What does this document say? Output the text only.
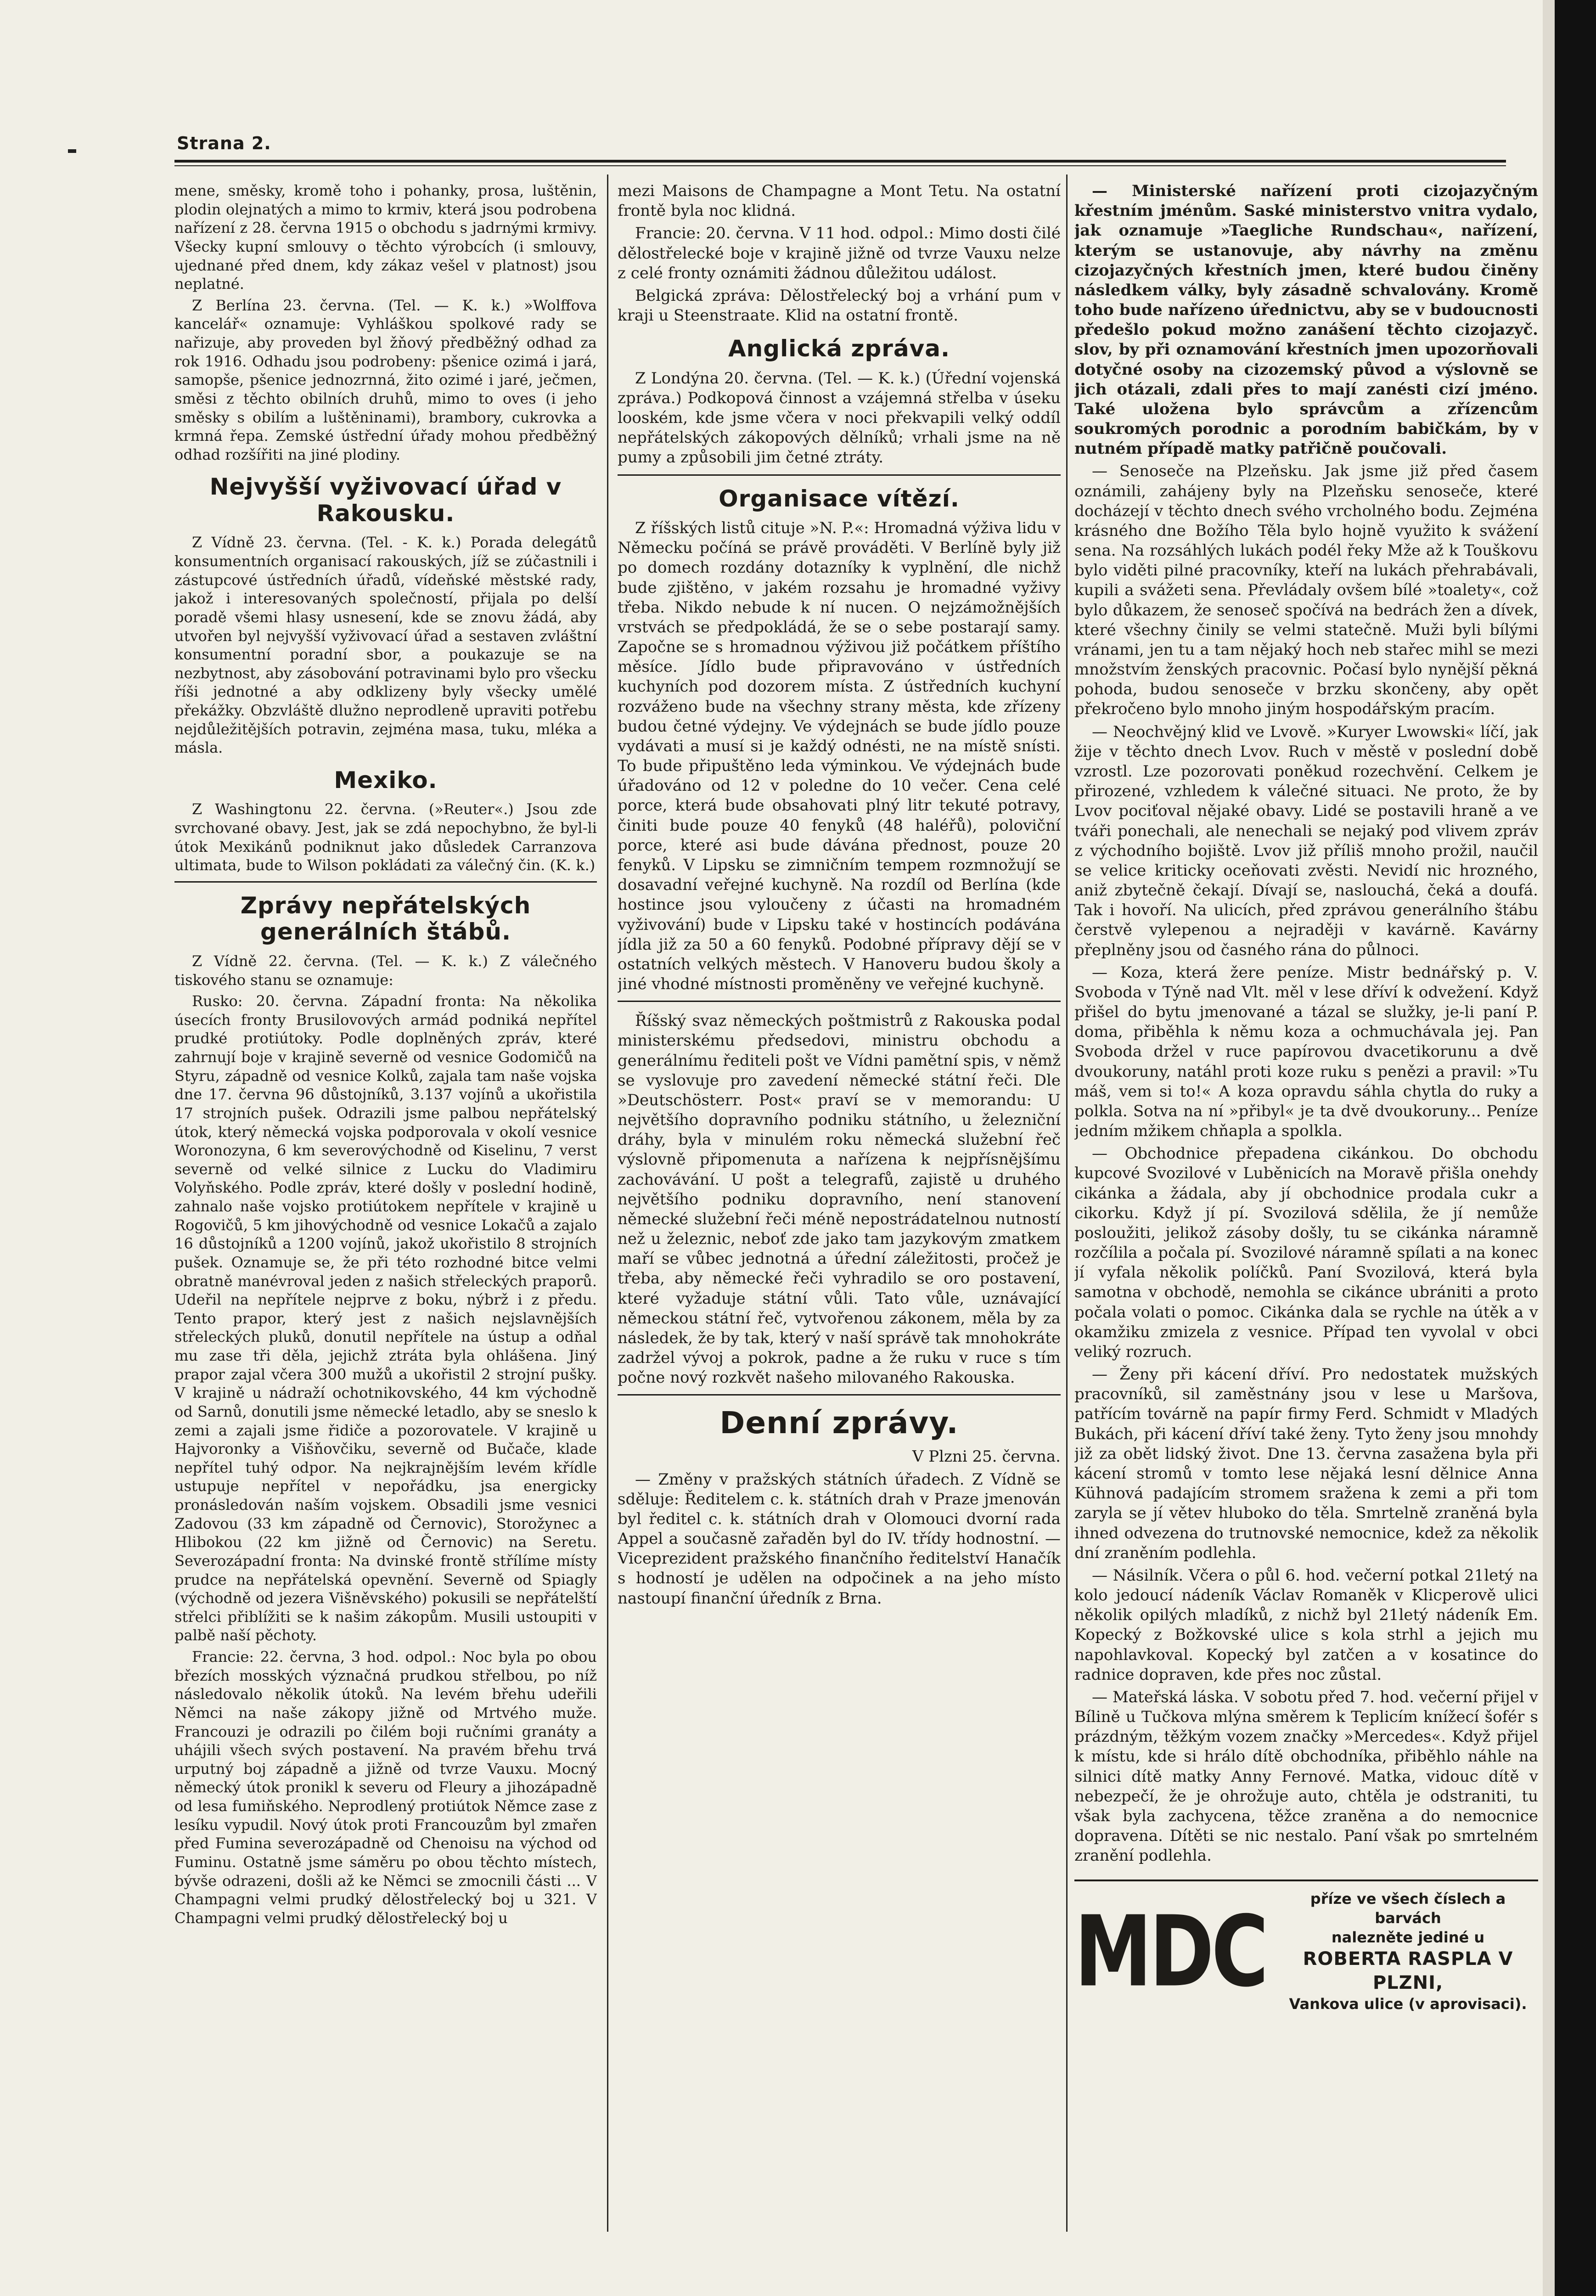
Strana 2.

mene, směsky, kromě toho i pohanky, prosa, luštěnin, plodin olejnatých a mimo to krmiv, která jsou podrobena nařízení z 28. června 1915 o obchodu s jadrnými krmivy. Všecky kupní smlouvy o těchto výrobcích (i smlouvy, ujednané před dnem, kdy zákaz vešel v platnost) jsou neplatné.

Z Berlína 23. června. (Tel. — K. k.) »Wolffova kancelář« oznamuje: Vyhláškou spolkové rady se nařizuje, aby proveden byl žňový předběžný odhad za rok 1916. Odhadu jsou podrobeny: pšenice ozimá i jará, samopše, pšenice jednozrnná, žito ozimé i jaré, ječmen, směsi z těchto obilních druhů, mimo to oves (i jeho směsky s obilím a luštěninami), brambory, cukrovka a krmná řepa. Zemské ústřední úřady mohou předběžný odhad rozšířiti na jiné plodiny.

Nejvyšší vyživovací úřad v Rakousku.

Z Vídně 23. června. (Tel. - K. k.) Porada delegátů konsumentních organisací rakouských, jíž se zúčastnili i zástupcové ústředních úřadů, vídeňské městské rady, jakož i interesovaných společností, přijala po delší poradě všemi hlasy usnesení, kde se znovu žádá, aby utvořen byl nejvyšší vyživovací úřad a sestaven zvláštní konsumentní poradní sbor, a poukazuje se na nezbytnost, aby zásobování potravinami bylo pro všecku říši jednotné a aby odklizeny byly všecky umělé překážky. Obzvláště dlužno neprodleně upraviti potřebu nejdůležitějších potravin, zejména masa, tuku, mléka a másla.

Mexiko.

Z Washingtonu 22. června. (»Reuter«.) Jsou zde svrchované obavy. Jest, jak se zdá nepochybno, že byl-li útok Mexikánů podniknut jako důsledek Carranzova ultimata, bude to Wilson pokládati za válečný čin. (K. k.)

Zprávy nepřátelských generálních štábů.

Z Vídně 22. června. (Tel. — K. k.) Z válečného tiskového stanu se oznamuje:

Rusko: 20. června. Západní fronta: Na několika úsecích fronty Brusilovových armád podniká nepřítel prudké protiútoky. Podle doplněných zpráv, které zahrnují boje v krajině severně od vesnice Godomičů na Styru, západně od vesnice Kolků, zajala tam naše vojska dne 17. června 96 důstojníků, 3.137 vojínů a ukořistila 17 strojních pušek. Odrazili jsme palbou nepřátelský útok, který německá vojska podporovala v okolí vesnice Woronozyna, 6 km severovýchodně od Kiselinu, 7 verst severně od velké silnice z Lucku do Vladimiru Volyňského. Podle zpráv, které došly v poslední hodině, zahnalo naše vojsko protiútokem nepřítele v krajině u Rogovičů, 5 km jihovýchodně od vesnice Lokačů a zajalo 16 důstojníků a 1200 vojínů, jakož ukořistilo 8 strojních pušek. Oznamuje se, že při této rozhodné bitce velmi obratně manévroval jeden z našich střeleckých praporů. Udeřil na nepřítele nejprve z boku, nýbrž i z předu. Tento prapor, který jest z našich nejslavnějších střeleckých pluků, donutil nepřítele na ústup a odňal mu zase tři děla, jejichž ztráta byla ohlášena. Jiný prapor zajal včera 300 mužů a ukořistil 2 strojní pušky. V krajině u nádraží ochotnikovského, 44 km východně od Sarnů, donutili jsme německé letadlo, aby se sneslo k zemi a zajali jsme řidiče a pozorovatele. V krajině u Hajvoronky a Višňovčiku, severně od Bučače, klade nepřítel tuhý odpor. Na nejkrajnějším levém křídle ustupuje nepřítel v nepořádku, jsa energicky pronásledován naším vojskem. Obsadili jsme vesnici Zadovou (33 km západně od Černovic), Storožynec a Hlibokou (22 km jižně od Černovic) na Seretu. Severozápadní fronta: Na dvinské frontě střílíme místy prudce na nepřátelská opevnění. Severně od Spiagly (východně od jezera Višněvského) pokusili se nepřátelští střelci přiblížiti se k našim zákopům. Musili ustoupiti v palbě naší pěchoty.

Francie: 22. června, 3 hod. odpol.: Noc byla po obou březích mosských význačná prudkou střelbou, po níž následovalo několik útoků. Na levém břehu udeřili Němci na naše zákopy jižně od Mrtvého muže. Francouzi je odrazili po čilém boji ručními granáty a uhájili všech svých postavení. Na pravém břehu trvá urputný boj západně a jižně od tvrze Vauxu. Mocný německý útok pronikl k severu od Fleury a jihozápadně od lesa fumiňského. Neprodlený protiútok Němce zase z lesíku vypudil. Nový útok proti Francouzům byl zmařen před Fumina severozápadně od Chenoisu na východ od Fuminu. Ostatně jsme sáměru po obou těchto místech, bývše odrazeni, došli až ke Němci se zmocnili části ... V Champagni velmi prudký dělostřelecký boj u 321. V Champagni velmi prudký dělostřelecký boj u

mezi Maisons de Champagne a Mont Tetu. Na ostatní frontě byla noc klidná.

Francie: 20. června. V 11 hod. odpol.: Mimo dosti čilé dělostřelecké boje v krajině jižně od tvrze Vauxu nelze z celé fronty oznámiti žádnou důležitou událost.

Belgická zpráva: Dělostřelecký boj a vrhání pum v kraji u Steenstraate. Klid na ostatní frontě.

Anglická zpráva.

Z Londýna 20. června. (Tel. — K. k.) (Úřední vojenská zpráva.) Podkopová činnost a vzájemná střelba v úseku looském, kde jsme včera v noci překvapili velký oddíl nepřátelských zákopových dělníků; vrhali jsme na ně pumy a způsobili jim četné ztráty.

Organisace vítězí.

Z říšských listů cituje »N. P.«: Hromadná výživa lidu v Německu počíná se právě prováděti. V Berlíně byly již po domech rozdány dotazníky k vyplnění, dle nichž bude zjištěno, v jakém rozsahu je hromadné vyživy třeba. Nikdo nebude k ní nucen. O nejzámožnějších vrstvách se předpokládá, že se o sebe postarají samy. Započne se s hromadnou výživou již počátkem příštího měsíce. Jídlo bude připravováno v ústředních kuchyních pod dozorem místa. Z ústředních kuchyní rozváženo bude na všechny strany města, kde zřízeny budou četné výdejny. Ve výdejnách se bude jídlo pouze vydávati a musí si je každý odnésti, ne na místě snísti. To bude připuštěno leda výminkou. Ve výdejnách bude úřadováno od 12 v poledne do 10 večer. Cena celé porce, která bude obsahovati plný litr tekuté potravy, činiti bude pouze 40 fenyků (48 haléřů), poloviční porce, které asi bude dávána přednost, pouze 20 fenyků. V Lipsku se zimničním tempem rozmnožují se dosavadní veřejné kuchyně. Na rozdíl od Berlína (kde hostince jsou vyloučeny z účasti na hromadném vyživování) bude v Lipsku také v hostincích podávána jídla již za 50 a 60 fenyků. Podobné přípravy dějí se v ostatních velkých městech. V Hanoveru budou školy a jiné vhodné místnosti proměněny ve veřejné kuchyně.

Říšský svaz německých poštmistrů z Rakouska podal ministerskému předsedovi, ministru obchodu a generálnímu řediteli pošt ve Vídni pamětní spis, v němž se vyslovuje pro zavedení německé státní řeči. Dle »Deutschösterr. Post« praví se v memorandu: U největšího dopravního podniku státního, u železniční dráhy, byla v minulém roku německá služební řeč výslovně připomenuta a nařízena k nejpřísnějšímu zachovávání. U pošt a telegrafů, zajistě u druhého největšího podniku dopravního, není stanovení německé služební řeči méně nepostrádatelnou nutností než u železnic, neboť zde jako tam jazykovým zmatkem maří se vůbec jednotná a úřední záležitosti, pročež je třeba, aby německé řeči vyhradilo se oro postavení, které vyžaduje státní vůli. Tato vůle, uznávající německou státní řeč, vytvořenou zákonem, měla by za následek, že by tak, který v naší správě tak mnohokráte zadržel vývoj a pokrok, padne a že ruku v ruce s tím počne nový rozkvět našeho milovaného Rakouska.

Denní zprávy.

V Plzni 25. června.

— Změny v pražských státních úřadech. Z Vídně se sděluje: Ředitelem c. k. státních drah v Praze jmenován byl ředitel c. k. státních drah v Olomouci dvorní rada Appel a současně zařaděn byl do IV. třídy hodnostní. — Viceprezident pražského finančního ředitelství Hanačík s hodností je udělen na odpočinek a na jeho místo nastoupí finanční úředník z Brna.

— Ministerské nařízení proti cizojazyčným křestním jménům. Saské ministerstvo vnitra vydalo, jak oznamuje »Taegliche Rundschau«, nařízení, kterým se ustanovuje, aby návrhy na změnu cizojazyčných křestních jmen, které budou činěny následkem války, byly zásadně schvalovány. Kromě toho bude nařízeno úřednictvu, aby se v budoucnosti předešlo pokud možno zanášení těchto cizojazyč. slov, by při oznamování křestních jmen upozorňovali dotyčné osoby na cizozemský původ a výslovně se jich otázali, zdali přes to mají zanésti cizí jméno. Také uložena bylo správcům a zřízencům soukromých porodnic a porodním babičkám, by v nutném případě matky patřičně poučovali.

— Senoseče na Plzeňsku. Jak jsme již před časem oznámili, zahájeny byly na Plzeňsku senoseče, které docházejí v těchto dnech svého vrcholného bodu. Zejména krásného dne Božího Těla bylo hojně využito k svážení sena. Na rozsáhlých lukách podél řeky Mže až k Touškovu bylo viděti pilné pracovníky, kteří na lukách přehrabávali, kupili a svážeti sena. Převládaly ovšem bílé »toalety«, což bylo důkazem, že senoseč spočívá na bedrách žen a dívek, které všechny činily se velmi statečně. Muži byli bílými vránami, jen tu a tam nějaký hoch neb stařec mihl se mezi množstvím ženských pracovnic. Počasí bylo nynější pěkná pohoda, budou senoseče v brzku skončeny, aby opět překročeno bylo mnoho jiným hospodářským pracím.

— Neochvějný klid ve Lvově. »Kuryer Lwowski« líčí, jak žije v těchto dnech Lvov. Ruch v městě v poslední době vzrostl. Lze pozorovati poněkud rozechvění. Celkem je přirozené, vzhledem k válečné situaci. Ne proto, že by Lvov pociťoval nějaké obavy. Lidé se postavili hraně a ve tváři ponechali, ale nenechali se nejaký pod vlivem zpráv z východního bojiště. Lvov již příliš mnoho prožil, naučil se velice kriticky oceňovati zvěsti. Nevidí nic hrozného, aniž zbytečně čekají. Dívají se, naslouchá, čeká a doufá. Tak i hovoří. Na ulicích, před zprávou generálního štábu čerstvě vylepenou a nejraději v kavárně. Kavárny přeplněny jsou od časného rána do půlnoci.

— Koza, která žere peníze. Mistr bednářský p. V. Svoboda v Týně nad Vlt. měl v lese dříví k odvežení. Když přišel do bytu jmenované a tázal se služky, je-li paní P. doma, přiběhla k němu koza a ochmuchávala jej. Pan Svoboda držel v ruce papírovou dvacetikorunu a dvě dvoukoruny, natáhl proti koze ruku s penězi a pravil: »Tu máš, vem si to!« A koza opravdu sáhla chytla do ruky a polkla. Sotva na ní »přibyl« je ta dvě dvoukoruny... Peníze jedním mžikem chňapla a spolkla.

— Obchodnice přepadena cikánkou. Do obchodu kupcové Svozilové v Luběnicích na Moravě přišla onehdy cikánka a žádala, aby jí obchodnice prodala cukr a cikorku. Když jí pí. Svozilová sdělila, že jí nemůže posloužiti, jelikož zásoby došly, tu se cikánka náramně rozčílila a počala pí. Svozilové náramně spílati a na konec jí vyfala několik políčků. Paní Svozilová, která byla samotna v obchodě, nemohla se cikánce ubrániti a proto počala volati o pomoc. Cikánka dala se rychle na útěk a v okamžiku zmizela z vesnice. Případ ten vyvolal v obci veliký rozruch.

— Ženy při kácení dříví. Pro nedostatek mužských pracovníků, sil zaměstnány jsou v lese u Maršova, patřícím továrně na papír firmy Ferd. Schmidt v Mladých Bukách, při kácení dříví také ženy. Tyto ženy jsou mnohdy již za obět lidský život. Dne 13. června zasažena byla při kácení stromů v tomto lese nějaká lesní dělnice Anna Kühnová padajícím stromem sražena k zemi a při tom zaryla se jí větev hluboko do těla. Smrtelně zraněná byla ihned odvezena do trutnovské nemocnice, kdež za několik dní zraněním podlehla.

— Násilník. Včera o půl 6. hod. večerní potkal 21letý na kolo jedoucí nádeník Václav Romaněk v Klicperově ulici několik opilých mladíků, z nichž byl 21letý nádeník Em. Kopecký z Božkovské ulice s kola strhl a jejich mu napohlavkoval. Kopecký byl zatčen a v kosatince do radnice dopraven, kde přes noc zůstal.

— Mateřská láska. V sobotu před 7. hod. večerní přijel v Bílině u Tučkova mlýna směrem k Teplicím knížecí šofér s prázdným, těžkým vozem značky »Mercedes«. Když přijel k místu, kde si hrálo dítě obchodníka, přiběhlo náhle na silnici dítě matky Anny Fernové. Matka, vidouc dítě v nebezpečí, že je ohrožuje auto, chtěla je odstraniti, tu však byla zachycena, těžce zraněna a do nemocnice dopravena. Dítěti se nic nestalo. Paní však po smrtelném zranění podlehla.

MDC	příze ve všech číslech a barvách
nalezněte jediné u
ROBERTA RASPLA V PLZNI,
Vankova ulice (v aprovisaci).
